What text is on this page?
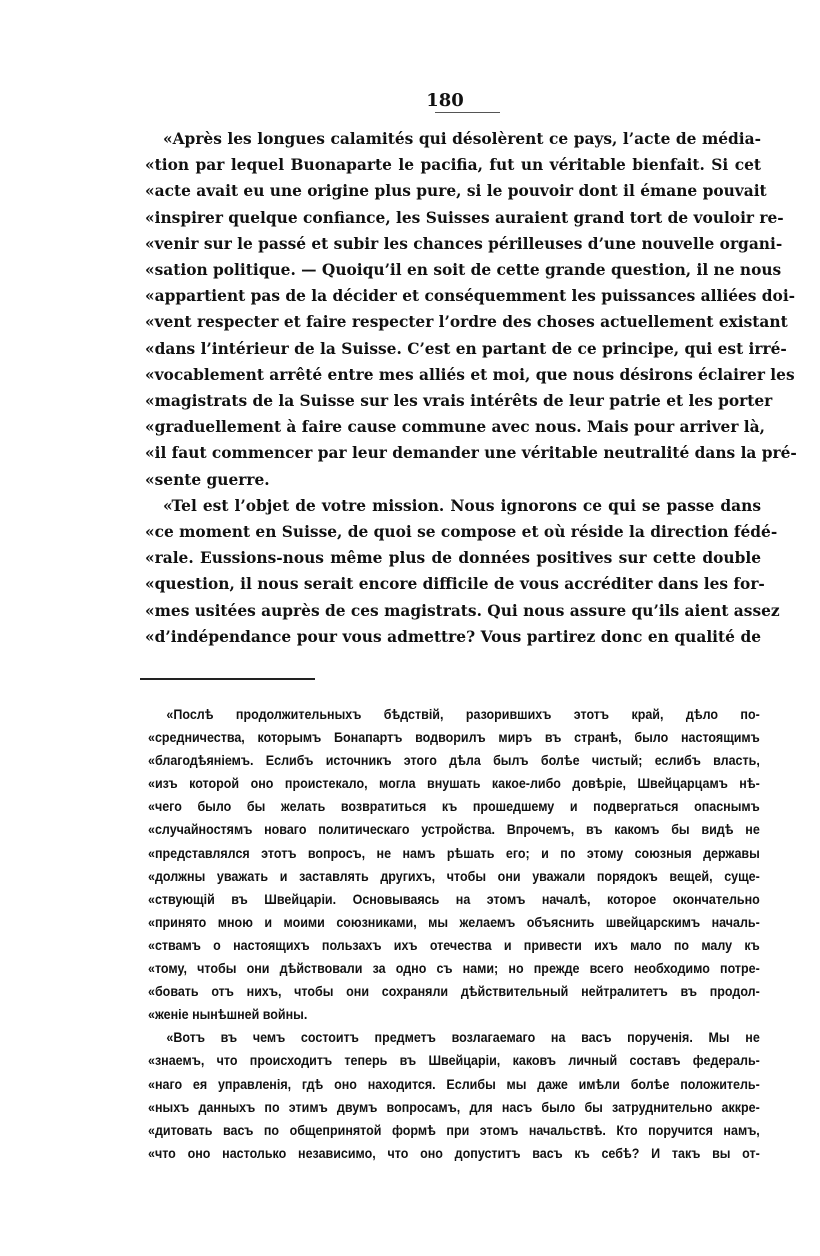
180
«Après les longues calamités qui désolèrent ce pays, l’acte de média-
«tion par lequel Buonaparte le pacifia, fut un véritable bienfait. Si cet
«acte avait eu une origine plus pure, si le pouvoir dont il émane pouvait
«inspirer quelque confiance, les Suisses auraient grand tort de vouloir re-
«venir sur le passé et subir les chances périlleuses d’une nouvelle organi-
«sation politique. — Quoiqu’il en soit de cette grande question, il ne nous
«appartient pas de la décider et conséquemment les puissances alliées doi-
«vent respecter et faire respecter l’ordre des choses actuellement existant
«dans l’intérieur de la Suisse. C’est en partant de ce principe, qui est irré-
«vocablement arrêté entre mes alliés et moi, que nous désirons éclairer les
«magistrats de la Suisse sur les vrais intérêts de leur patrie et les porter
«graduellement à faire cause commune avec nous. Mais pour arriver là,
«il faut commencer par leur demander une véritable neutralité dans la pré-
«sente guerre.
«Tel est l’objet de votre mission. Nous ignorons ce qui se passe dans
«ce moment en Suisse, de quoi se compose et où réside la direction fédé-
«rale. Eussions-nous même plus de données positives sur cette double
«question, il nous serait encore difficile de vous accréditer dans les for-
«mes usitées auprès de ces magistrats. Qui nous assure qu’ils aient assez
«d’indépendance pour vous admettre? Vous partirez donc en qualité de
«Послѣ продолжительныхъ бѣдствій, разорившихъ этотъ край, дѣло по-
«средничества, которымъ Бонапартъ водворилъ миръ въ странѣ, было настоящимъ
«благодѣяніемъ. Еслибъ источникъ этого дѣла былъ болѣе чистый; еслибъ власть,
«изъ которой оно проистекало, могла внушать какое-либо довѣріе, Швейцарцамъ нѣ-
«чего было бы желать возвратиться къ прошедшему и подвергаться опаснымъ
«случайностямъ новаго политическаго устройства. Впрочемъ, въ какомъ бы видѣ не
«представлялся этотъ вопросъ, не намъ рѣшать его; и по этому союзныя державы
«должны уважать и заставлять другихъ, чтобы они уважали порядокъ вещей, суще-
«ствующій въ Швейцаріи. Основываясь на этомъ началѣ, которое окончательно
«принято мною и моими союзниками, мы желаемъ объяснить швейцарскимъ началь-
«ствамъ о настоящихъ пользахъ ихъ отечества и привести ихъ мало по малу къ
«тому, чтобы они дѣйствовали за одно съ нами; но прежде всего необходимо потре-
«бовать отъ нихъ, чтобы они сохраняли дѣйствительный нейтралитетъ въ продол-
«женіе нынѣшней войны.
«Вотъ въ чемъ состоитъ предметъ возлагаемаго на васъ порученія. Мы не
«знаемъ, что происходитъ теперь въ Швейцаріи, каковъ личный составъ федераль-
«наго ея управленія, гдѣ оно находится. Еслибы мы даже имѣли болѣе положитель-
«ныхъ данныхъ по этимъ двумъ вопросамъ, для насъ было бы затруднительно аккре-
«дитовать васъ по общепринятой формѣ при этомъ начальствѣ. Кто поручится намъ,
«что оно настолько независимо, что оно допуститъ васъ къ себѣ? И такъ вы от-
